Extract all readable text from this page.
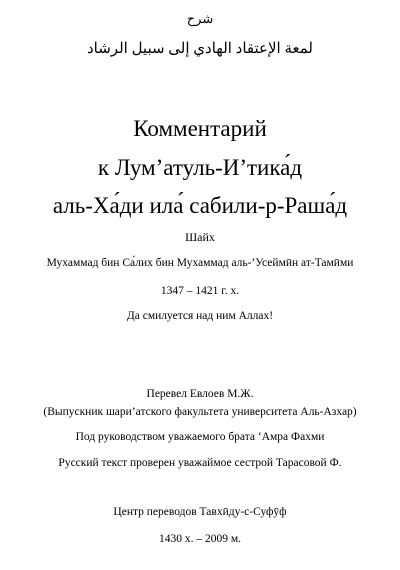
شرح
لمعة الإعتقاد الهادي إلى سبيل الرشاد
Комментарий
к Лум’атуль-И’тика́д
аль-Ха́ди ила́ сабили-р-Раша́д
Шайх
Мухаммад бин Са́лих бин Мухаммад аль-’Усеймӣн ат-Тамӣми
1347 – 1421 г. х.
Да смилуется над ним Аллах!
Перевел Евлоев М.Ж.
(Выпускник шари’атского факультета университета Аль-Азхар)
Под руководством уважаемого брата ‘Амра Фахми
Русский текст проверен уважаймое сестрой Тарасовой Ф.
Центр переводов Тавхӣду-с-Суфӯф
1430 х. – 2009 м.
